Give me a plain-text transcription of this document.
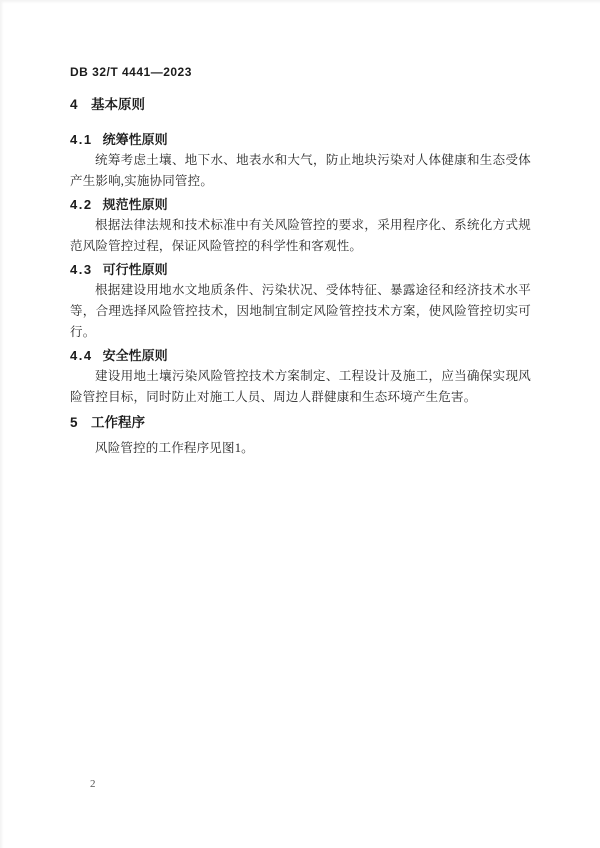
DB 32/T 4441—2023
4 基本原则
4.1 统筹性原则

统筹考虑土壤、地下水、地表水和大气，防止地块污染对人体健康和生态受体产生影响,实施协同管控。

4.2 规范性原则

根据法律法规和技术标准中有关风险管控的要求，采用程序化、系统化方式规范风险管控过程，保证风险管控的科学性和客观性。

4.3 可行性原则

根据建设用地水文地质条件、污染状况、受体特征、暴露途径和经济技术水平等，合理选择风险管控技术，因地制宜制定风险管控技术方案，使风险管控切实可行。

4.4 安全性原则

建设用地土壤污染风险管控技术方案制定、工程设计及施工，应当确保实现风险管控目标，同时防止对施工人员、周边人群健康和生态环境产生危害。

5 工作程序

风险管控的工作程序见图1。

2
